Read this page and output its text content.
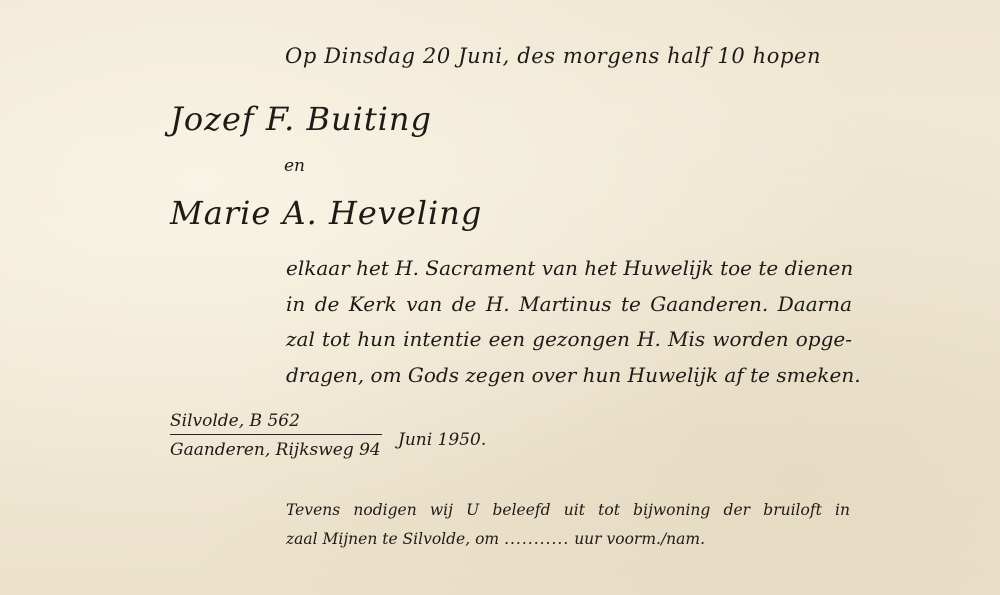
Op Dinsdag 20 Juni, des morgens half 10 hopen
Jozef F. Buiting
en
Marie A. Heveling
elkaar het H. Sacrament van het Huwelijk toe te dienen
in de Kerk van de H. Martinus te Gaanderen. Daarna
zal tot hun intentie een gezongen H. Mis worden opge-
dragen, om Gods zegen over hun Huwelijk af te smeken.
Silvolde, B 562
Gaanderen, Rijksweg 94 Juni 1950.
Tevens nodigen wij U beleefd uit tot bijwoning der bruiloft in
zaal Mijnen te Silvolde, om ........... uur voorm./nam.
